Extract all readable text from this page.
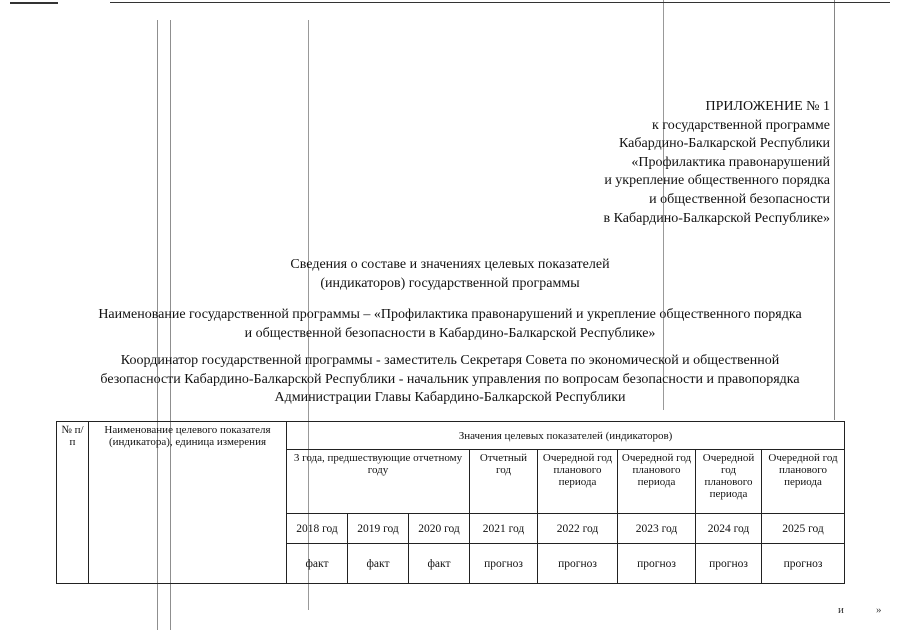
ПРИЛОЖЕНИЕ № 1
к государственной программе
Кабардино-Балкарской Республики
«Профилактика правонарушений
и укрепление общественного порядка
и общественной безопасности
в Кабардино-Балкарской Республике»
Сведения о составе и значениях целевых показателей
(индикаторов) государственной программы
Наименование государственной программы – «Профилактика правонарушений и укрепление общественного порядка
и общественной безопасности в Кабардино-Балкарской Республике»
Координатор государственной программы - заместитель Секретаря Совета по экономической и общественной
безопасности Кабардино-Балкарской Республики - начальник управления по вопросам безопасности и правопорядка
Администрации Главы Кабардино-Балкарской Республики
№ п/п	Наименование целевого показателя (индикатора), единица измерения	Значения целевых показателей (индикаторов)							
		3 года, предшествующие отчетному году			Отчетный год	Очередной год планового периода	Очередной год планового периода	Очередной год планового периода	Очередной год планового периода
		2018 год	2019 год	2020 год	2021 год	2022 год	2023 год	2024 год	2025 год
		факт	факт	факт	прогноз	прогноз	прогноз	прогноз	прогноз
и	»
